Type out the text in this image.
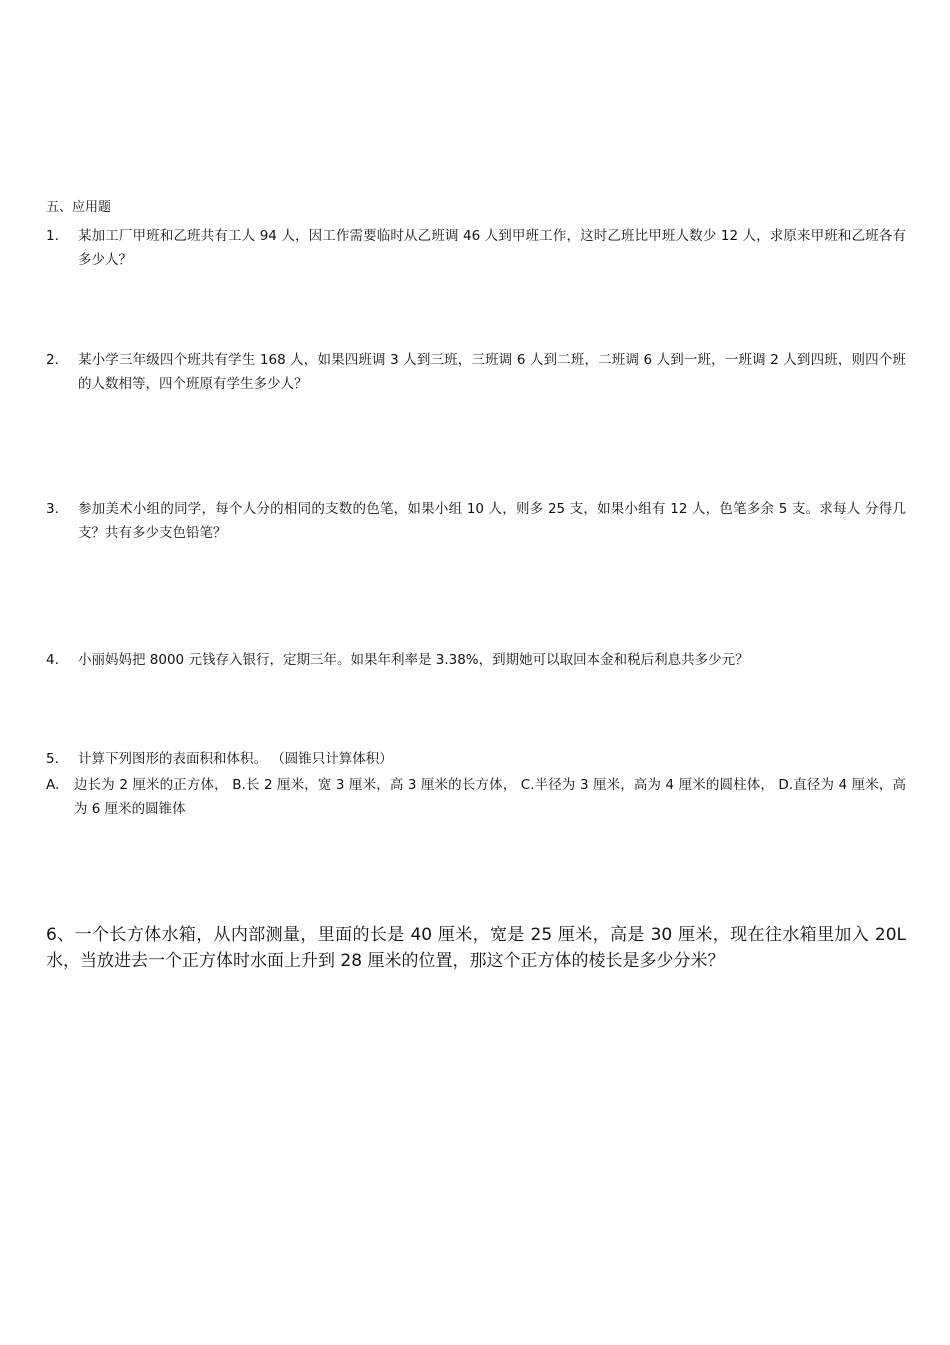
五、应用题
1.	某加工厂甲班和乙班共有工人 94 人，因工作需要临时从乙班调 46 人到甲班工作，这时乙班比甲班人数少 12 人，求原来甲班和乙班各有多少人？
2.	某小学三年级四个班共有学生 168 人，如果四班调 3 人到三班，三班调 6 人到二班，二班调 6 人到一班，一班调 2 人到四班，则四个班的人数相等，四个班原有学生多少人？
3.	参加美术小组的同学，每个人分的相同的支数的色笔，如果小组 10 人，则多 25 支，如果小组有 12 人，色笔多余 5 支。求每人 分得几支？共有多少支色铅笔？
4.	小丽妈妈把 8000 元钱存入银行，定期三年。如果年利率是 3.38%，到期她可以取回本金和税后利息共多少元？
5. 计算下列图形的表面积和体积。 （圆锥只计算体积）
A.	边长为 2 厘米的正方体， B.长 2 厘米，宽 3 厘米，高 3 厘米的长方体， C.半径为 3 厘米，高为 4 厘米的圆柱体， D.直径为 4 厘米，高为 6 厘米的圆锥体
6、一个长方体水箱，从内部测量，里面的长是 40 厘米，宽是 25 厘米，高是 30 厘米，现在往水箱里加入 20L 水，当放进去一个正方体时水面上升到 28 厘米的位置，那这个正方体的棱长是多少分米？
